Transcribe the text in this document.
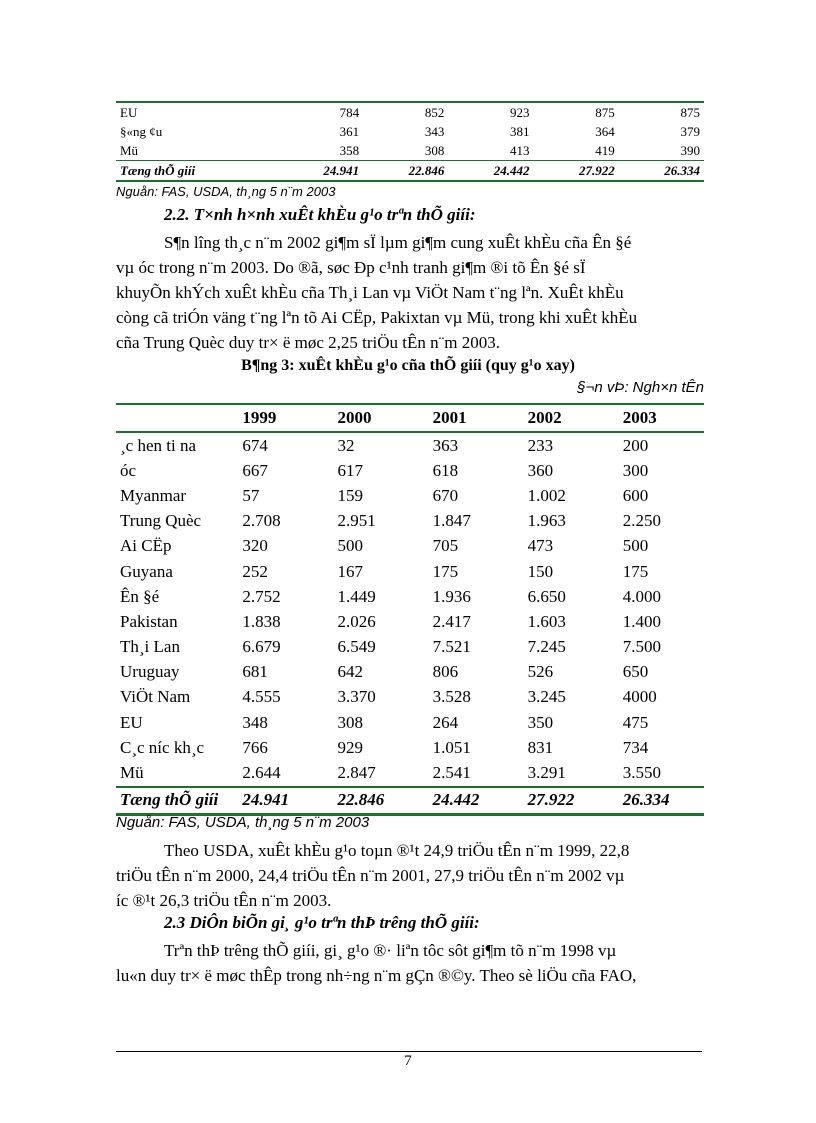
EU	784	852	923	875	875
§«ng ¢u	361	343	381	364	379
Mü	358	308	413	419	390
Tæng thÕ giíi	24.941	22.846	24.442	27.922	26.334
Nguån: FAS, USDA, th¸ng 5 n¨m 2003
2.2. T×nh h×nh xuÊt khÈu g¹o trªn thÕ giíi:
S¶n lîng th¸c n¨m 2002 gi¶m sÏ lµm gi¶m cung xuÊt khÈu cña Ên §é
vµ óc trong n¨m 2003. Do ®ã, søc Ðp c¹nh tranh gi¶m ®i tõ Ên §é sÏ
khuyÕn khÝch xuÊt khÈu cña Th¸i Lan vµ ViÖt Nam t¨ng lªn. XuÊt khÈu
còng cã triÓn väng t¨ng lªn tõ Ai CËp, Pakixtan vµ Mü, trong khi xuÊt khÈu
cña Trung Quèc duy tr× ë møc 2,25 triÖu tÊn n¨m 2003.
B¶ng 3: xuÊt khÈu g¹o cña thÕ giíi (quy g¹o xay)
§¬n vÞ: Ngh×n tÊn
	1999	2000	2001	2002	2003
¸c hen ti na	674	32	363	233	200
óc	667	617	618	360	300
Myanmar	57	159	670	1.002	600
Trung Quèc	2.708	2.951	1.847	1.963	2.250
Ai CËp	320	500	705	473	500
Guyana	252	167	175	150	175
Ên §é	2.752	1.449	1.936	6.650	4.000
Pakistan	1.838	2.026	2.417	1.603	1.400
Th¸i Lan	6.679	6.549	7.521	7.245	7.500
Uruguay	681	642	806	526	650
ViÖt Nam	4.555	3.370	3.528	3.245	4000
EU	348	308	264	350	475
C¸c níc kh¸c	766	929	1.051	831	734
Mü	2.644	2.847	2.541	3.291	3.550
Tæng thÕ giíi	24.941	22.846	24.442	27.922	26.334
Nguån: FAS, USDA, th¸ng 5 n¨m 2003
Theo USDA, xuÊt khÈu g¹o toµn ®¹t 24,9 triÖu tÊn n¨m 1999, 22,8
triÖu tÊn n¨m 2000, 24,4 triÖu tÊn n¨m 2001, 27,9 triÖu tÊn n¨m 2002 vµ
íc ®¹t 26,3 triÖu tÊn n¨m 2003.
2.3 DiÔn biÕn gi¸ g¹o trªn thÞ trêng thÕ giíi:
Trªn thÞ trêng thÕ giíi, gi¸ g¹o ®· liªn tôc sôt gi¶m tõ n¨m 1998 vµ
lu«n duy tr× ë møc thÊp trong nh÷ng n¨m gÇn ®©y. Theo sè liÖu cña FAO,
7
